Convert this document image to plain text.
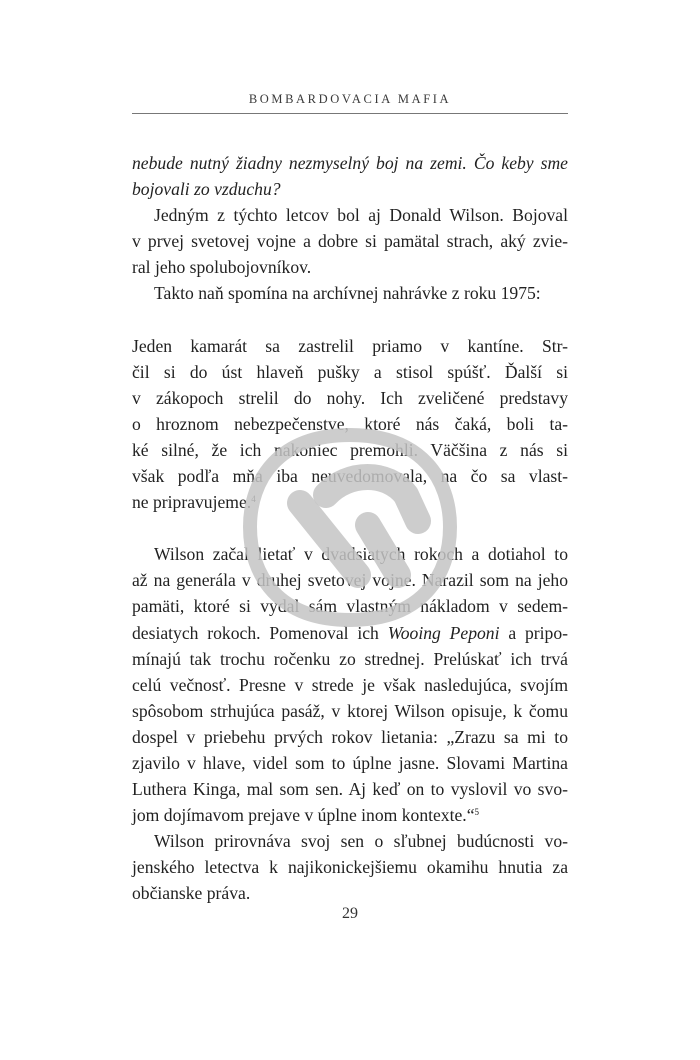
BOMBARDOVACIA MAFIA

nebude nutný žiadny nezmyselný boj na zemi. Čo keby sme
bojovali zo vzduchu?

Jedným z týchto letcov bol aj Donald Wilson. Bojoval
v prvej svetovej vojne a dobre si pamätal strach, aký zvie-
ral jeho spolubojovníkov.

Takto naň spomína na archívnej nahrávke z roku 1975:

Jeden kamarát sa zastrelil priamo v kantíne. Str-
čil si do úst hlaveň pušky a stisol spúšť. Ďalší si
v zákopoch strelil do nohy. Ich zveličené predstavy
o hroznom nebezpečenstve, ktoré nás čaká, boli ta-
ké silné, že ich nakoniec premohli. Väčšina z nás si
však podľa mňa iba neuvedomovala, na čo sa vlast-
ne pripravujeme.$^4$

Wilson začal lietať v dvadsiatych rokoch a dotiahol to
až na generála v druhej svetovej vojne. Narazil som na jeho
pamäti, ktoré si vydal sám vlastným nákladom v sedem-
desiatych rokoch. Pomenoval ich Wooing Peponi a pripo-
mínajú tak trochu ročenku zo strednej. Prelúskať ich trvá
celú večnosť. Presne v strede je však nasledujúca, svojím
spôsobom strhujúca pasáž, v ktorej Wilson opisuje, k čomu
dospel v priebehu prvých rokov lietania: „Zrazu sa mi to
zjavilo v hlave, videl som to úplne jasne. Slovami Martina
Luthera Kinga, mal som sen. Aj keď on to vyslovil vo svo-
jom dojímavom prejave v úplne inom kontexte.“$^5$

Wilson prirovnáva svoj sen o sľubnej budúcnosti vo-
jenského letectva k najikonickejšiemu okamihu hnutia za
občianske práva.

29
